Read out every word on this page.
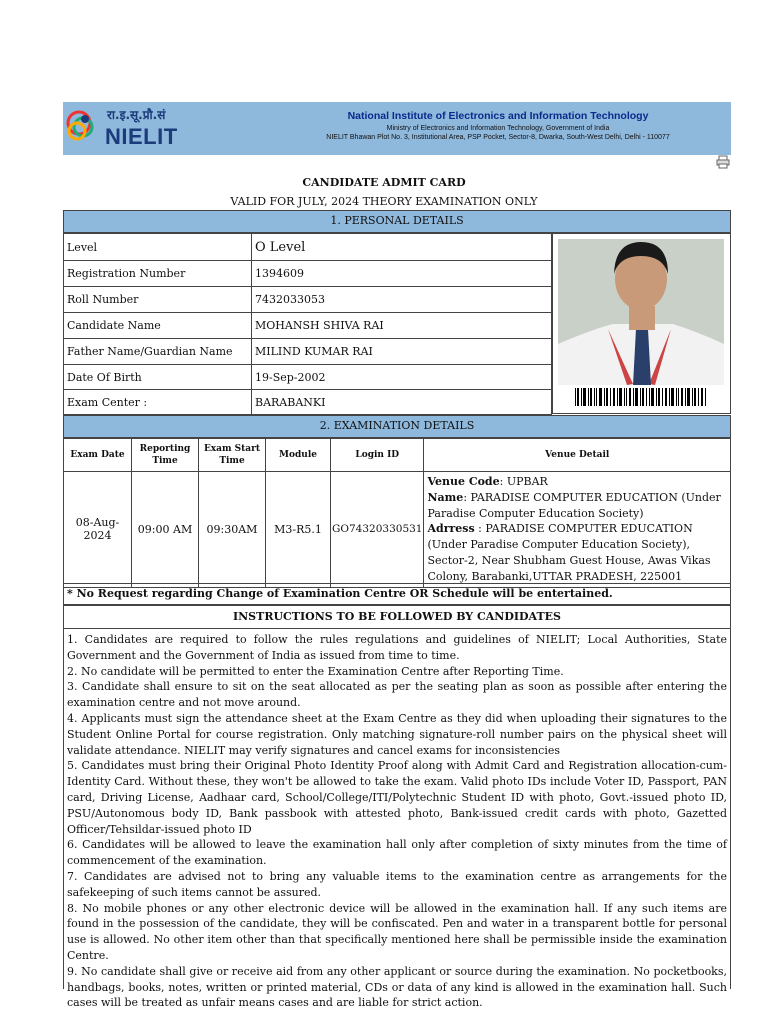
रा.इ.सू.प्रौ.सं
NIELIT
National Institute of Electronics and Information Technology
Ministry of Electronics and Information Technology, Government of India
NIELIT Bhawan Plot No. 3, Institutional Area, PSP Pocket, Sector-8, Dwarka, South-West Delhi, Delhi - 110077
CANDIDATE ADMIT CARD
VALID FOR JULY, 2024 THEORY EXAMINATION ONLY
1. PERSONAL DETAILS
Level	O Level
Registration Number	1394609
Roll Number	7432033053
Candidate Name	MOHANSH SHIVA RAI
Father Name/Guardian Name	MILIND KUMAR RAI
Date Of Birth	19-Sep-2002
Exam Center :	BARABANKI
2. EXAMINATION DETAILS
Exam Date	Reporting Time	Exam Start Time	Module	Login ID	Venue Detail
08-Aug-2024	09:00 AM	09:30AM	M3-R5.1	GO74320330531	Venue Code: UPBAR
Name: PARADISE COMPUTER EDUCATION (Under Paradise Computer Education Society)
Adrress : PARADISE COMPUTER EDUCATION (Under Paradise Computer Education Society), Sector-2, Near Shubham Guest House, Awas Vikas Colony, Barabanki,UTTAR PRADESH, 225001
* No Request regarding Change of Examination Centre OR Schedule will be entertained.
INSTRUCTIONS TO BE FOLLOWED BY CANDIDATES

1. Candidates are required to follow the rules regulations and guidelines of NIELIT; Local Authorities, State Government and the Government of India as issued from time to time.

2. No candidate will be permitted to enter the Examination Centre after Reporting Time.

3. Candidate shall ensure to sit on the seat allocated as per the seating plan as soon as possible after entering the examination centre and not move around.

4. Applicants must sign the attendance sheet at the Exam Centre as they did when uploading their signatures to the Student Online Portal for course registration. Only matching signature-roll number pairs on the physical sheet will validate attendance. NIELIT may verify signatures and cancel exams for inconsistencies

5. Candidates must bring their Original Photo Identity Proof along with Admit Card and Registration allocation-cum-Identity Card. Without these, they won't be allowed to take the exam. Valid photo IDs include Voter ID, Passport, PAN card, Driving License, Aadhaar card, School/College/ITI/Polytechnic Student ID with photo, Govt.-issued photo ID, PSU/Autonomous body ID, Bank passbook with attested photo, Bank-issued credit cards with photo, Gazetted Officer/Tehsildar-issued photo ID

6. Candidates will be allowed to leave the examination hall only after completion of sixty minutes from the time of commencement of the examination.

7. Candidates are advised not to bring any valuable items to the examination centre as arrangements for the safekeeping of such items cannot be assured.

8. No mobile phones or any other electronic device will be allowed in the examination hall. If any such items are found in the possession of the candidate, they will be confiscated. Pen and water in a transparent bottle for personal use is allowed. No other item other than that specifically mentioned here shall be permissible inside the examination Centre.

9. No candidate shall give or receive aid from any other applicant or source during the examination. No pocketbooks, handbags, books, notes, written or printed material, CDs or data of any kind is allowed in the examination hall. Such cases will be treated as unfair means cases and are liable for strict action.
